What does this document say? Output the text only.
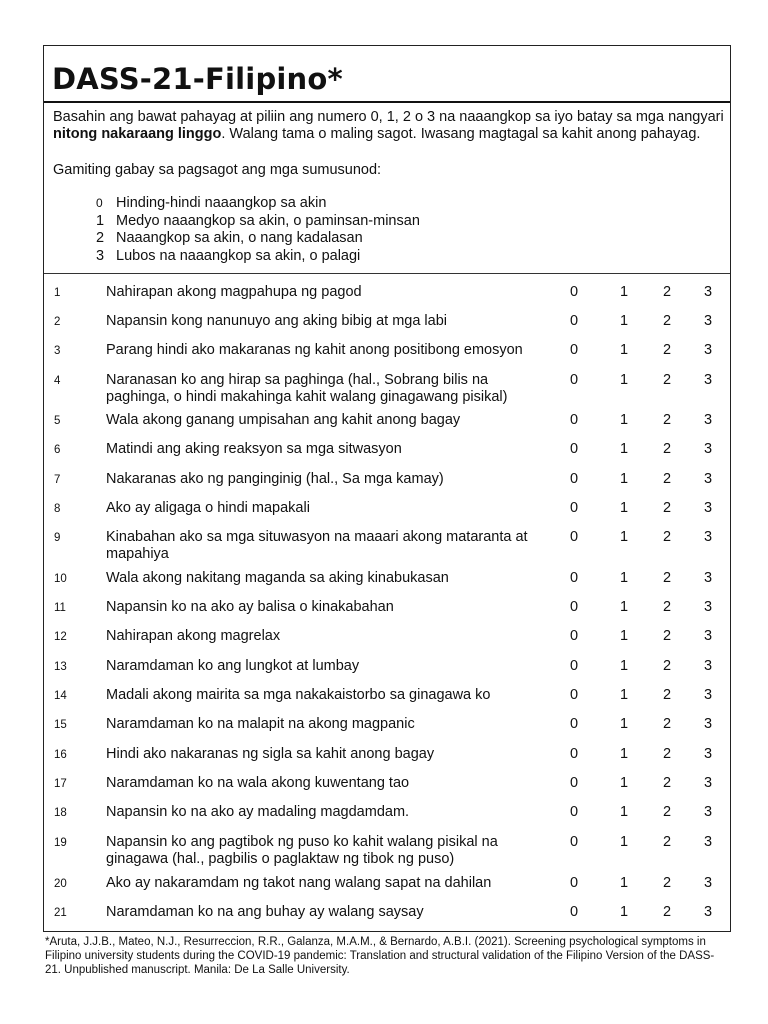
DASS-21-Filipino*
Basahin ang bawat pahayag at piliin ang numero 0, 1, 2 o 3 na naaangkop sa iyo batay sa mga nangyari
nitong nakaraang linggo. Walang tama o maling sagot. Iwasang magtagal sa kahit anong pahayag.
Gamiting gabay sa pagsagot ang mga sumusunod:
0 Hinding-hindi naaangkop sa akin
1 Medyo naaangkop sa akin, o paminsan-minsan
2 Naaangkop sa akin, o nang kadalasan
3 Lubos na naaangkop sa akin, o palagi
1	Nahirapan akong magpahupa ng pagod	0	1 2 3
2	Napansin kong nanunuyo ang aking bibig at mga labi	0	1 2 3
3	Parang hindi ako makaranas ng kahit anong positibong emosyon	0	1 2 3
4	Naranasan ko ang hirap sa paghinga (hal., Sobrang bilis na paghinga, o hindi makahinga kahit walang ginagawang pisikal)
0	1 2 3
5	Wala akong ganang umpisahan ang kahit anong bagay	0	1 2 3
6	Matindi ang aking reaksyon sa mga sitwasyon	0	1 2 3
7	Nakaranas ako ng panginginig (hal., Sa mga kamay)	0	1 2 3
8	Ako ay aligaga o hindi mapakali	0	1 2 3
9	Kinabahan ako sa mga situwasyon na maaari akong mataranta at mapahiya
0	1 2 3
10	Wala akong nakitang maganda sa aking kinabukasan	0	1 2 3
11	Napansin ko na ako ay balisa o kinakabahan	0	1 2 3
12	Nahirapan akong magrelax	0	1 2 3
13	Naramdaman ko ang lungkot at lumbay	0	1 2 3
14	Madali akong mairita sa mga nakakaistorbo sa ginagawa ko	0	1 2 3
15	Naramdaman ko na malapit na akong magpanic	0	1 2 3
16	Hindi ako nakaranas ng sigla sa kahit anong bagay	0	1 2 3
17	Naramdaman ko na wala akong kuwentang tao	0	1 2 3
18	Napansin ko na ako ay madaling magdamdam.	0	1 2 3
19	Napansin ko ang pagtibok ng puso ko kahit walang pisikal na ginagawa (hal., pagbilis o paglaktaw ng tibok ng puso)
0	1 2 3
20	Ako ay nakaramdam ng takot nang walang sapat na dahilan	0	1 2 3
21	Naramdaman ko na ang buhay ay walang saysay	0	1 2 3
*Aruta, J.J.B., Mateo, N.J., Resurreccion, R.R., Galanza, M.A.M., & Bernardo, A.B.I. (2021). Screening psychological symptoms in Filipino university students during the COVID-19 pandemic: Translation and structural validation of the Filipino Version of the DASS-21. Unpublished manuscript. Manila: De La Salle University.
